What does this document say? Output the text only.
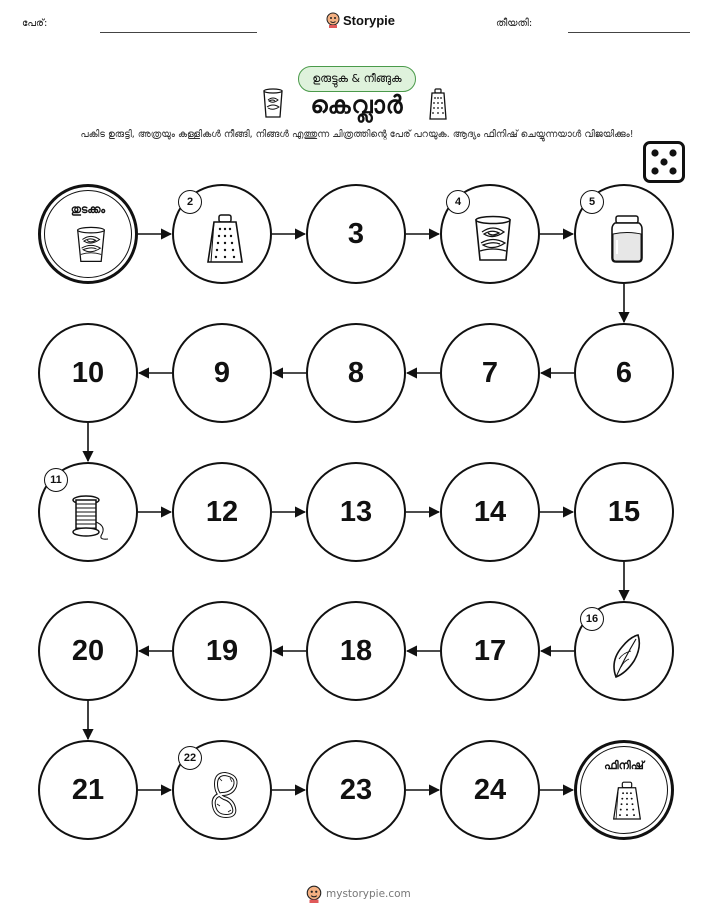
പേര്:	Storypie	തീയതി:
ഉരുട്ടുക & നീങ്ങുക
കെവ്ലാർ
പകിട ഉരുട്ടി, അത്രയും കള്ളികൾ നീങ്ങി, നിങ്ങൾ എത്തുന്ന ചിത്രത്തിന്റെ പേര് പറയുക. ആദ്യം ഫിനിഷ് ചെയ്യുന്നയാൾ വിജയിക്കും!
തുടക്കം
2
3
4	5
6
7
8
9
10
11
12	13	14	15
16
17
18
19
20
21
22
23	24
ഫിനിഷ്
mystorypie.com
